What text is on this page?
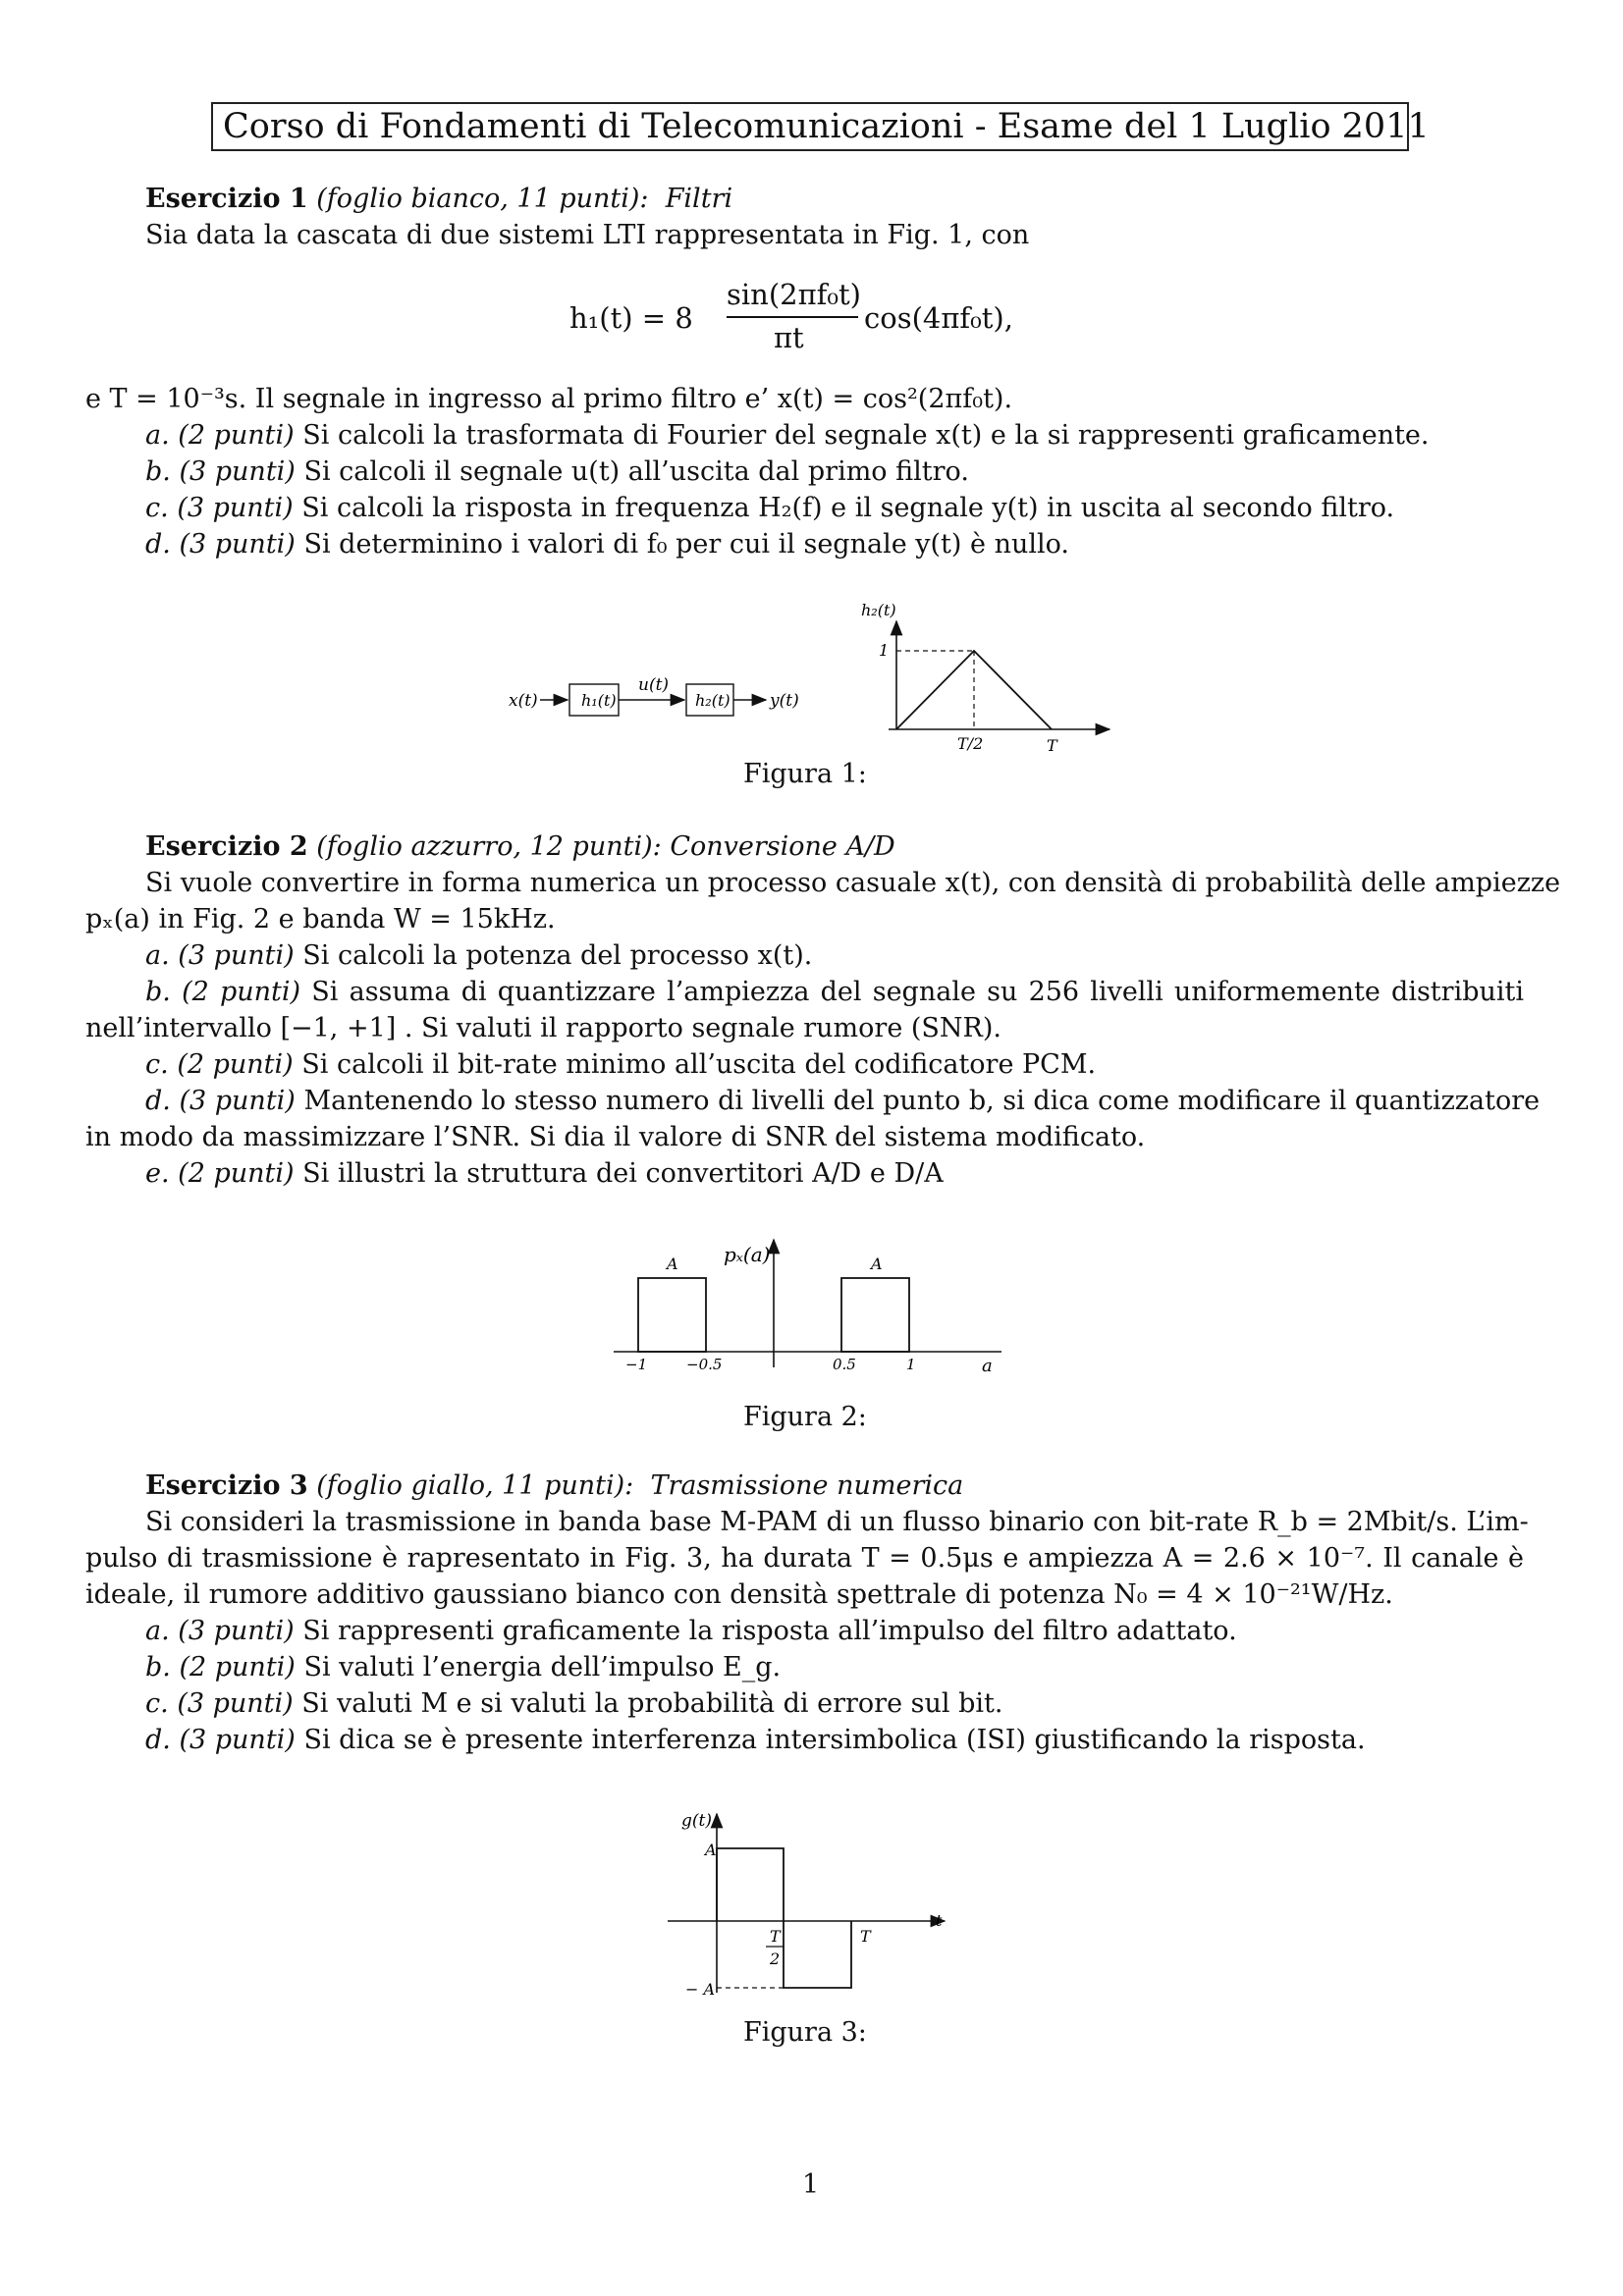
Corso di Fondamenti di Telecomunicazioni - Esame del 1 Luglio 2011
Esercizio 1 (foglio bianco, 11 punti): Filtri
Sia data la cascata di due sistemi LTI rappresentata in Fig. 1, con
h₁(t) = 8
sin(2πf₀t)
πt
cos(4πf₀t),
e T = 10⁻³s. Il segnale in ingresso al primo filtro e’ x(t) = cos²(2πf₀t).
a. (2 punti) Si calcoli la trasformata di Fourier del segnale x(t) e la si rappresenti graficamente.
b. (3 punti) Si calcoli il segnale u(t) all’uscita dal primo filtro.
c. (3 punti) Si calcoli la risposta in frequenza H₂(f) e il segnale y(t) in uscita al secondo filtro.
d. (3 punti) Si determinino i valori di f₀ per cui il segnale y(t) è nullo.
x(t)	h₁(t)
u(t)
h₂(t) y(t)
h₂(t)
1
T/2	T
Figura 1:
Esercizio 2 (foglio azzurro, 12 punti): Conversione A/D
Si vuole convertire in forma numerica un processo casuale x(t), con densità di probabilità delle ampiezze
pₓ(a) in Fig. 2 e banda W = 15kHz.
a. (3 punti) Si calcoli la potenza del processo x(t).
b. (2 punti) Si assuma di quantizzare l’ampiezza del segnale su 256 livelli uniformemente distribuiti
nell’intervallo [−1, +1] . Si valuti il rapporto segnale rumore (SNR).
c. (2 punti) Si calcoli il bit-rate minimo all’uscita del codificatore PCM.
d. (3 punti) Mantenendo lo stesso numero di livelli del punto b, si dica come modificare il quantizzatore
in modo da massimizzare l’SNR. Si dia il valore di SNR del sistema modificato.
e. (2 punti) Si illustri la struttura dei convertitori A/D e D/A
pₓ(a)
A	A
−1	−0.5	0.5	1	a
Figura 2:
Esercizio 3 (foglio giallo, 11 punti): Trasmissione numerica
Si consideri la trasmissione in banda base M-PAM di un flusso binario con bit-rate R_b = 2Mbit/s. L’im-
pulso di trasmissione è rapresentato in Fig. 3, ha durata T = 0.5μs e ampiezza A = 2.6 × 10⁻⁷. Il canale è
ideale, il rumore additivo gaussiano bianco con densità spettrale di potenza N₀ = 4 × 10⁻²¹W/Hz.
a. (3 punti) Si rappresenti graficamente la risposta all’impulso del filtro adattato.
b. (2 punti) Si valuti l’energia dell’impulso E_g.
c. (3 punti) Si valuti M e si valuti la probabilità di errore sul bit.
d. (3 punti) Si dica se è presente interferenza intersimbolica (ISI) giustificando la risposta.
g(t)
A
− A
T
2
T
t
Figura 3:
1
